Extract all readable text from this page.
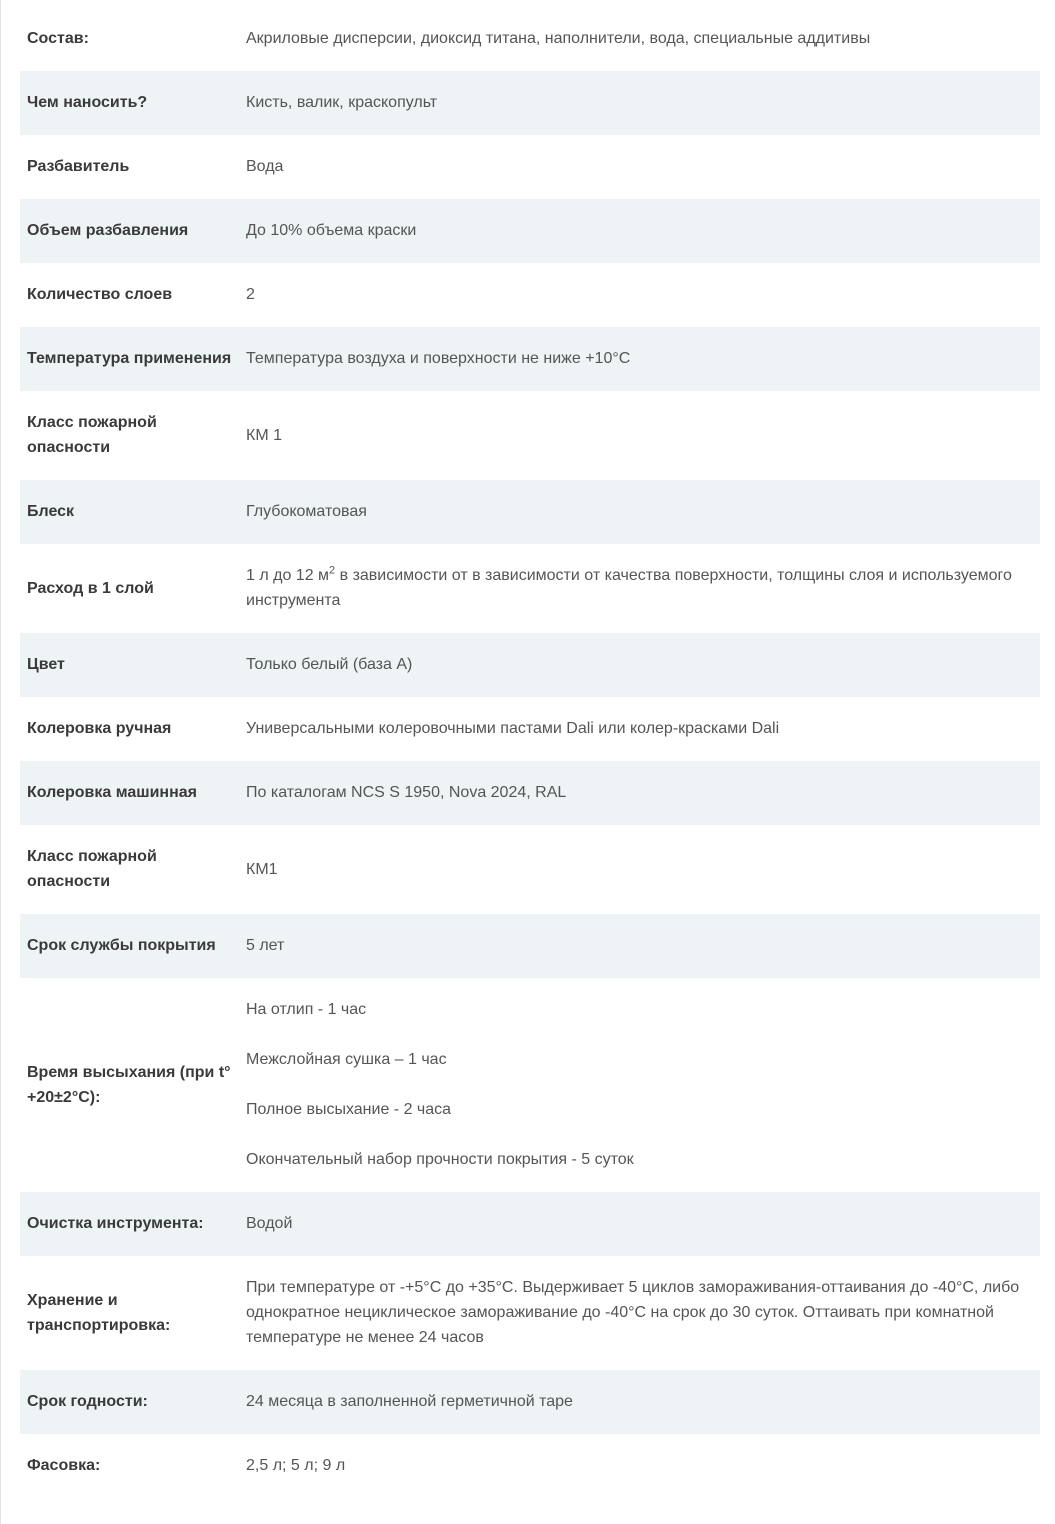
Состав:	Акриловые дисперсии, диоксид титана, наполнители, вода, специальные аддитивы
Чем наносить?	Кисть, валик, краскопульт
Разбавитель	Вода
Объем разбавления	До 10% объема краски
Количество слоев	2
Температура применения	Температура воздуха и поверхности не ниже +10°C
Класс пожарной опасности	КМ 1
Блеск	Глубокоматовая
Расход в 1 слой	1 л до 12 $м^2$ в зависимости от в зависимости от качества поверхности, толщины слоя и используемого инструмента
Цвет	Только белый (база А)
Колеровка ручная	Универсальными колеровочными пастами Dali или колер-красками Dali
Колеровка машинная	По каталогам NCS S 1950, Nova 2024, RAL
Класс пожарной опасности	КМ1
Срок службы покрытия	5 лет
Время высыхания (при t° +20±2°С):	На отлип - 1 час

Межслойная сушка – 1 час

Полное высыхание - 2 часа

Окончательный набор прочности покрытия - 5 суток

Очистка инструмента:	Водой
Хранение и транспортировка:	При температуре от -+5°С до +35°С. Выдерживает 5 циклов замораживания-оттаивания до -40°С, либо однократное нециклическое замораживание до -40°С на срок до 30 суток. Оттаивать при комнатной температуре не менее 24 часов
Срок годности:	24 месяца в заполненной герметичной таре
Фасовка:	2,5 л; 5 л; 9 л
